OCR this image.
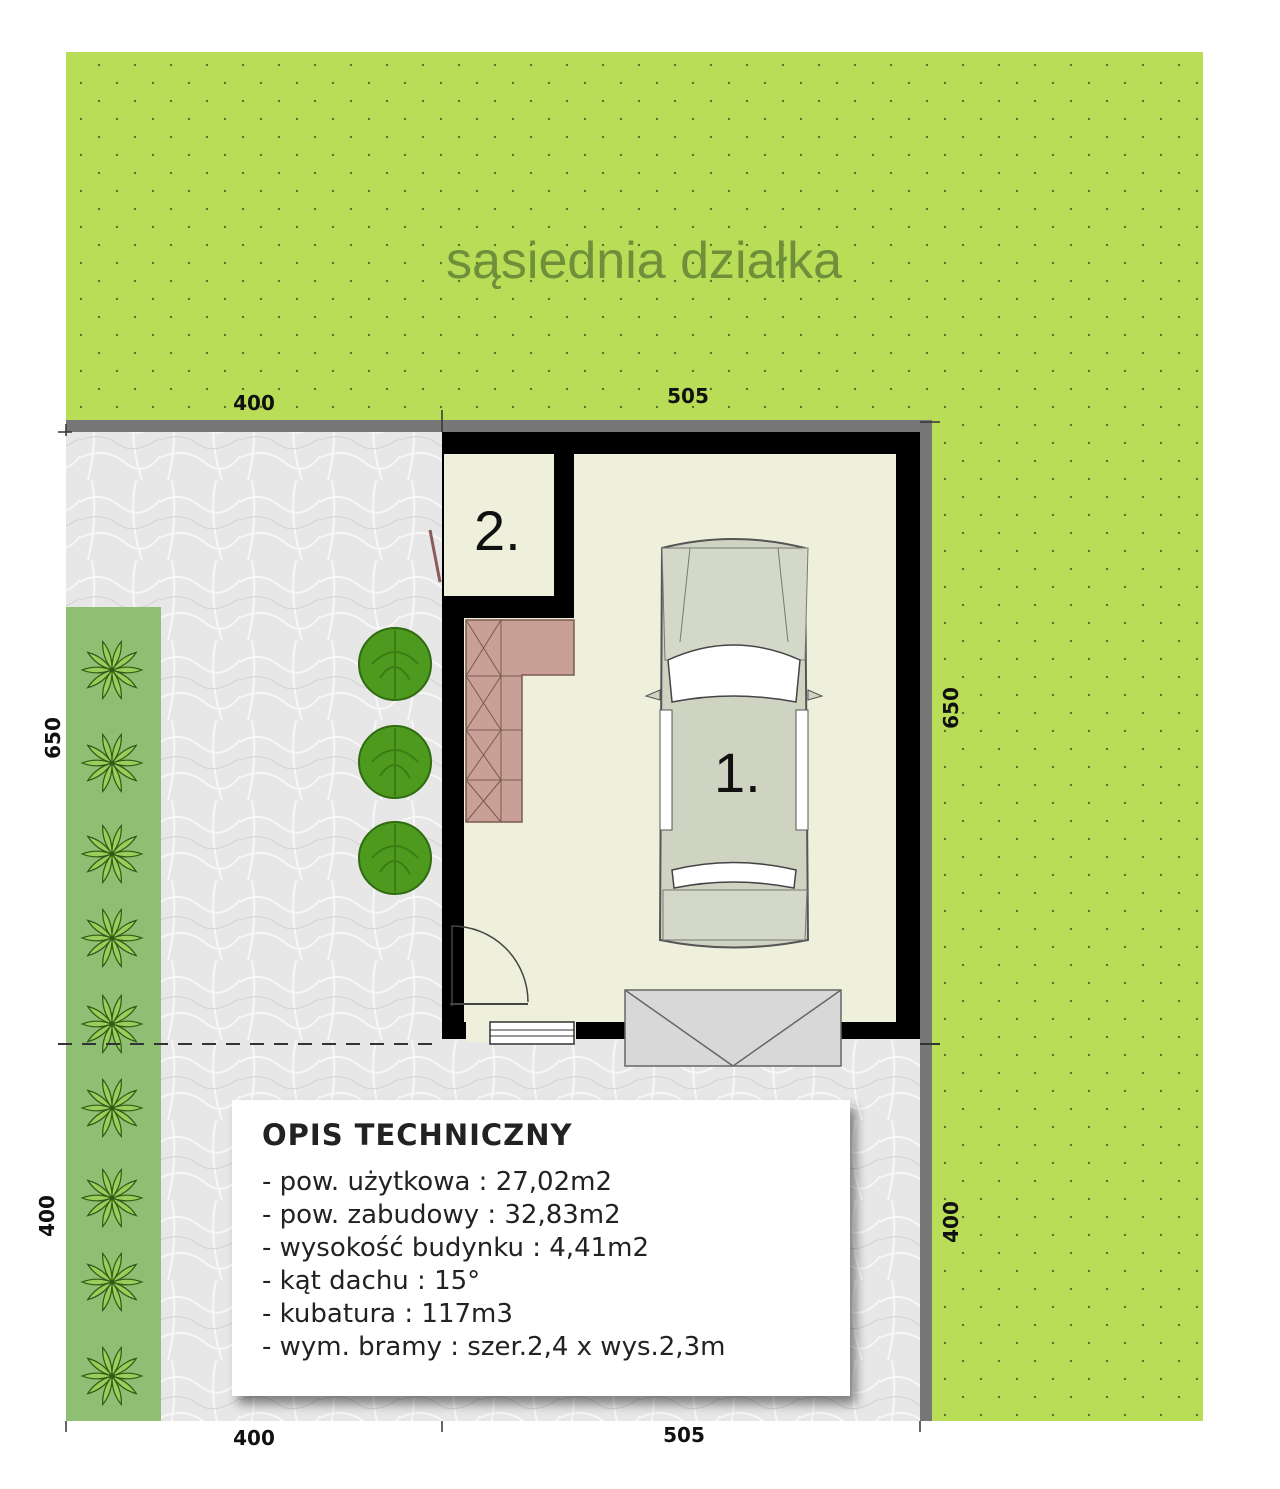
sąsiednia działka
1.
2.
400	505
400	505
650
400
650
400
OPIS TECHNICZNY
- pow. użytkowa : 27,02m2
- pow. zabudowy : 32,83m2
- wysokość budynku : 4,41m2
- kąt dachu : 15°
- kubatura : 117m3
- wym. bramy : szer.2,4 x wys.2,3m
